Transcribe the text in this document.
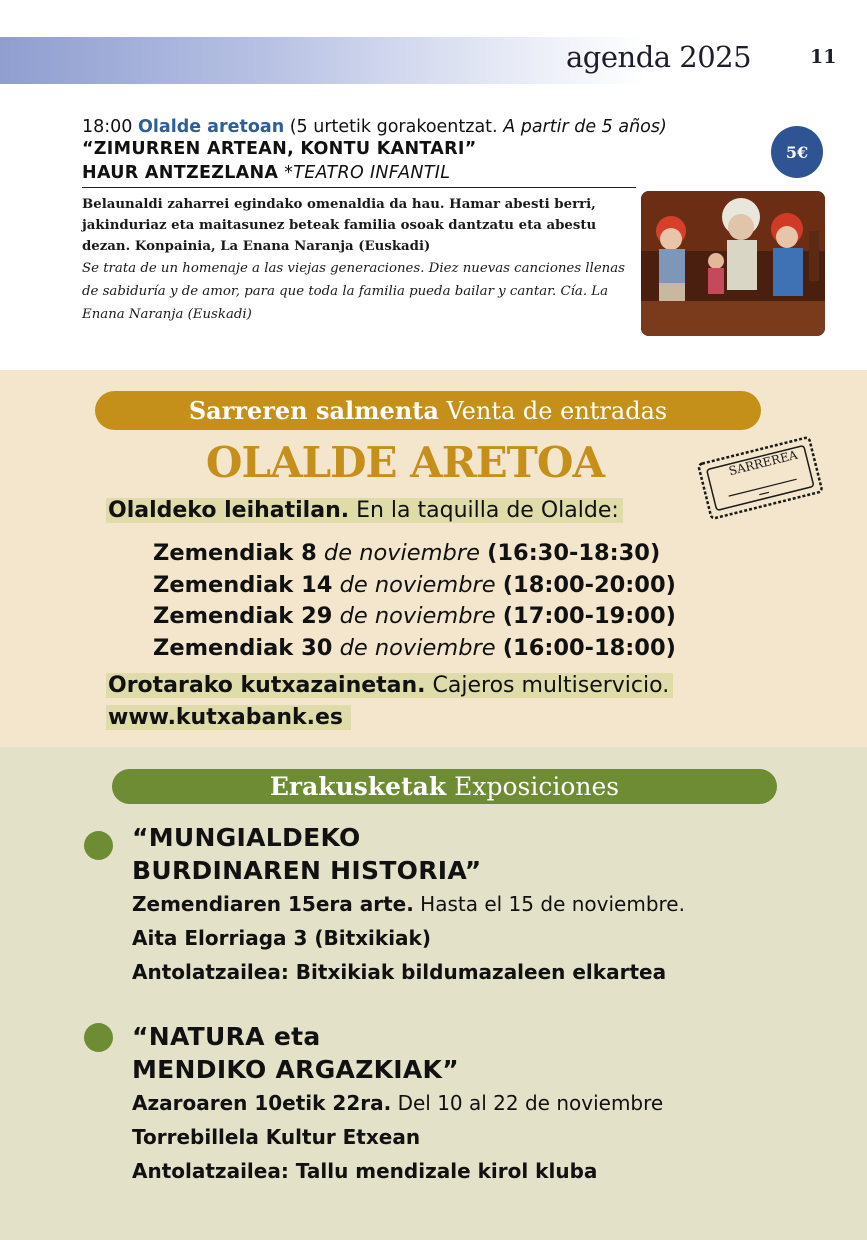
agenda 2025	11
18:00 Olalde aretoan (5 urtetik gorakoentzat. A partir de 5 años)
“ZIMURREN ARTEAN, KONTU KANTARI”
HAUR ANTZEZLANA *TEATRO INFANTIL

Belaunaldi zaharrei egindako omenaldia da hau. Hamar abesti berri, jakinduriaz eta maitasunez beteak familia osoak dantzatu eta abestu dezan. Konpainia, La Enana Naranja (Euskadi)

Se trata de un homenaje a las viejas generaciones. Diez nuevas canciones llenas de sabiduría y de amor, para que toda la familia pueda bailar y cantar. Cía. La Enana Naranja (Euskadi)

5€
Sarreren salmenta
Venta de entradas
OLALDE ARETOA	SARREREA
Olaldeko leihatilan. En la taquilla de Olalde:
Zemendiak 8 de noviembre (16:30-18:30)
Zemendiak 14 de noviembre (18:00-20:00)
Zemendiak 29 de noviembre (17:00-19:00)
Zemendiak 30 de noviembre (16:00-18:00)
Orotarako kutxazainetan. Cajeros multiservicio.
www.kutxabank.es
Erakusketak
Exposiciones
“MUNGIALDEKO
BURDINAREN HISTORIA”
Zemendiaren 15era arte. Hasta el 15 de noviembre.
Aita Elorriaga 3 (Bitxikiak)
Antolatzailea: Bitxikiak bildumazaleen elkartea
“NATURA eta
MENDIKO ARGAZKIAK”
Azaroaren 10etik 22ra. Del 10 al 22 de noviembre
Torrebillela Kultur Etxean
Antolatzailea: Tallu mendizale kirol kluba
